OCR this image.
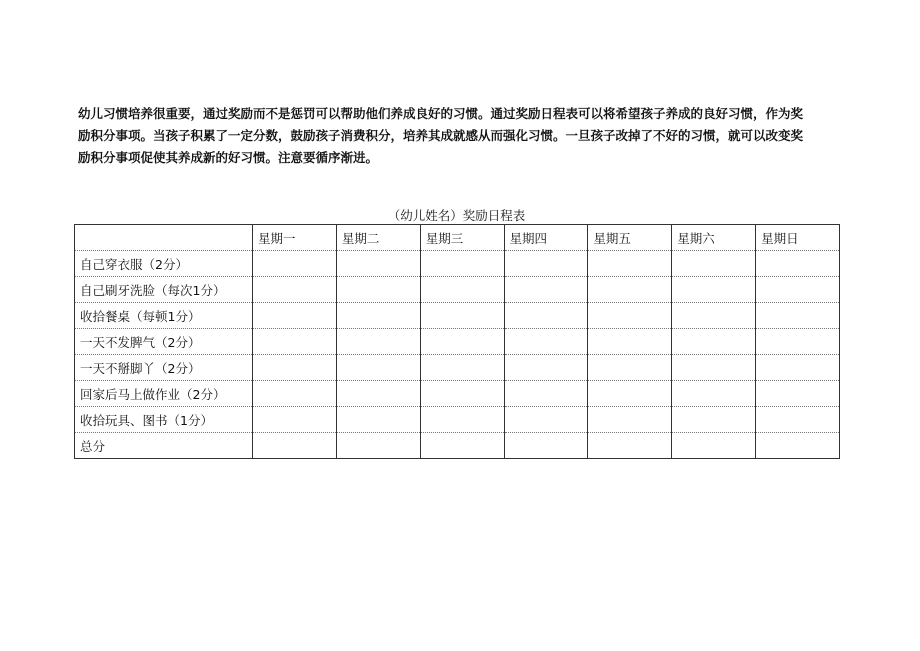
幼儿习惯培养很重要，通过奖励而不是惩罚可以帮助他们养成良好的习惯。通过奖励日程表可以将希望孩子养成的良好习惯，作为奖

励积分事项。当孩子积累了一定分数，鼓励孩子消费积分，培养其成就感从而强化习惯。一旦孩子改掉了不好的习惯，就可以改变奖

励积分事项促使其养成新的好习惯。注意要循序渐进。

（幼儿姓名）奖励日程表
	星期一	星期二	星期三	星期四	星期五	星期六	星期日
自己穿衣服（2分）							
自己刷牙洗脸（每次1分）							
收拾餐桌（每顿1分）							
一天不发脾气（2分）							
一天不掰脚丫（2分）							
回家后马上做作业（2分）							
收拾玩具、图书（1分）							
总分							
